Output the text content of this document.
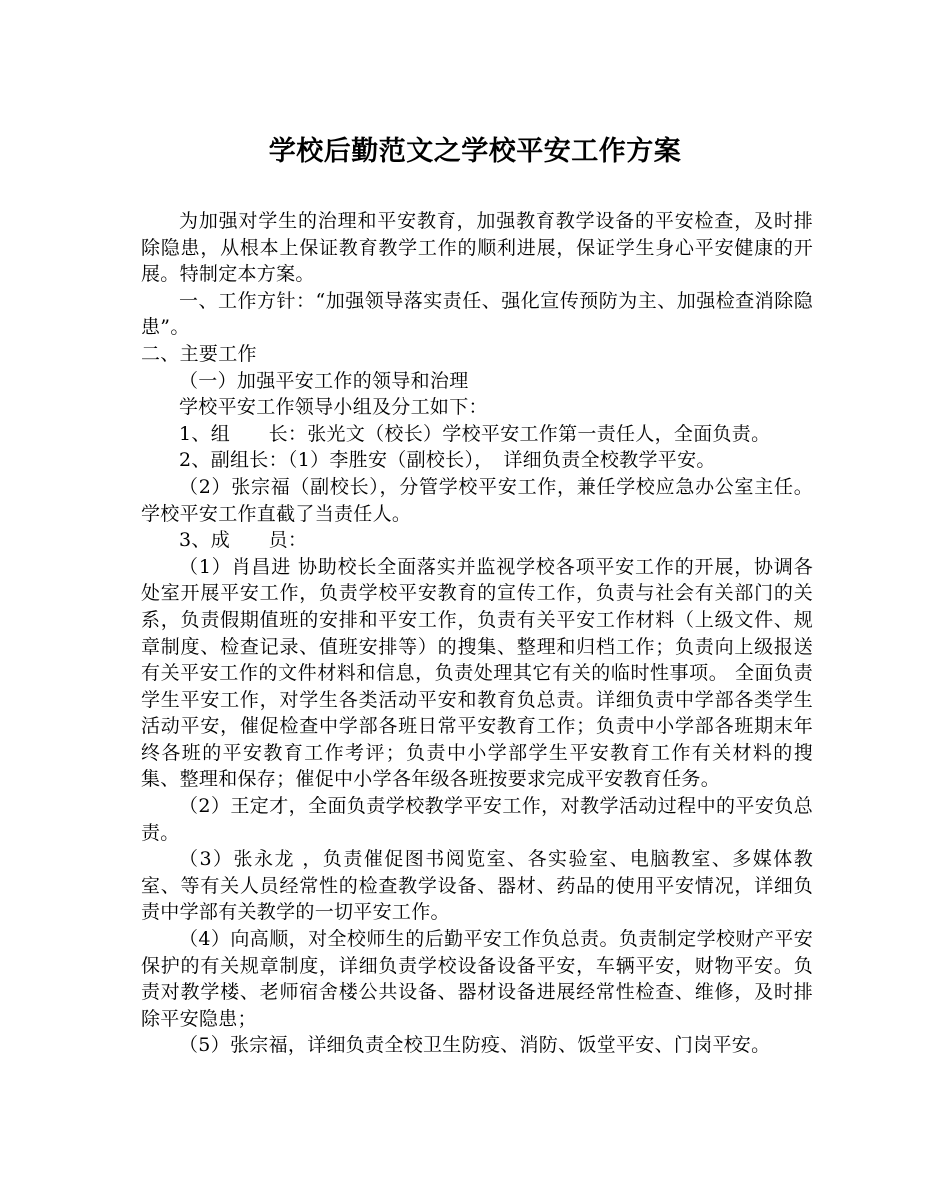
学校后勤范文之学校平安工作方案

为加强对学生的治理和平安教育，加强教育教学设备的平安检查，及时排除隐患，从根本上保证教育教学工作的顺利进展，保证学生身心平安健康的开展。特制定本方案。

一、工作方针：“加强领导落实责任、强化宣传预防为主、加强检查消除隐患”。

二、主要工作

（一）加强平安工作的领导和治理

学校平安工作领导小组及分工如下：

1、组　　长：张光文（校长）学校平安工作第一责任人，全面负责。

2、副组长：（1）李胜安（副校长），　详细负责全校教学平安。

（2）张宗福（副校长），分管学校平安工作，兼任学校应急办公室主任。学校平安工作直截了当责任人。

3、成　　员：

（1）肖昌进 协助校长全面落实并监视学校各项平安工作的开展，协调各处室开展平安工作，负责学校平安教育的宣传工作，负责与社会有关部门的关系，负责假期值班的安排和平安工作，负责有关平安工作材料（上级文件、规章制度、检查记录、值班安排等）的搜集、整理和归档工作；负责向上级报送有关平安工作的文件材料和信息，负责处理其它有关的临时性事项。 全面负责学生平安工作，对学生各类活动平安和教育负总责。详细负责中学部各类学生活动平安，催促检查中学部各班日常平安教育工作；负责中小学部各班期末年终各班的平安教育工作考评；负责中小学部学生平安教育工作有关材料的搜集、整理和保存；催促中小学各年级各班按要求完成平安教育任务。

（2）王定才，全面负责学校教学平安工作，对教学活动过程中的平安负总责。

（3）张永龙 ，负责催促图书阅览室、各实验室、电脑教室、多媒体教室、等有关人员经常性的检查教学设备、器材、药品的使用平安情况，详细负责中学部有关教学的一切平安工作。

（4）向高顺，对全校师生的后勤平安工作负总责。负责制定学校财产平安保护的有关规章制度，详细负责学校设备设备平安，车辆平安，财物平安。负责对教学楼、老师宿舍楼公共设备、器材设备进展经常性检查、维修，及时排除平安隐患；

（5）张宗福，详细负责全校卫生防疫、消防、饭堂平安、门岗平安。
